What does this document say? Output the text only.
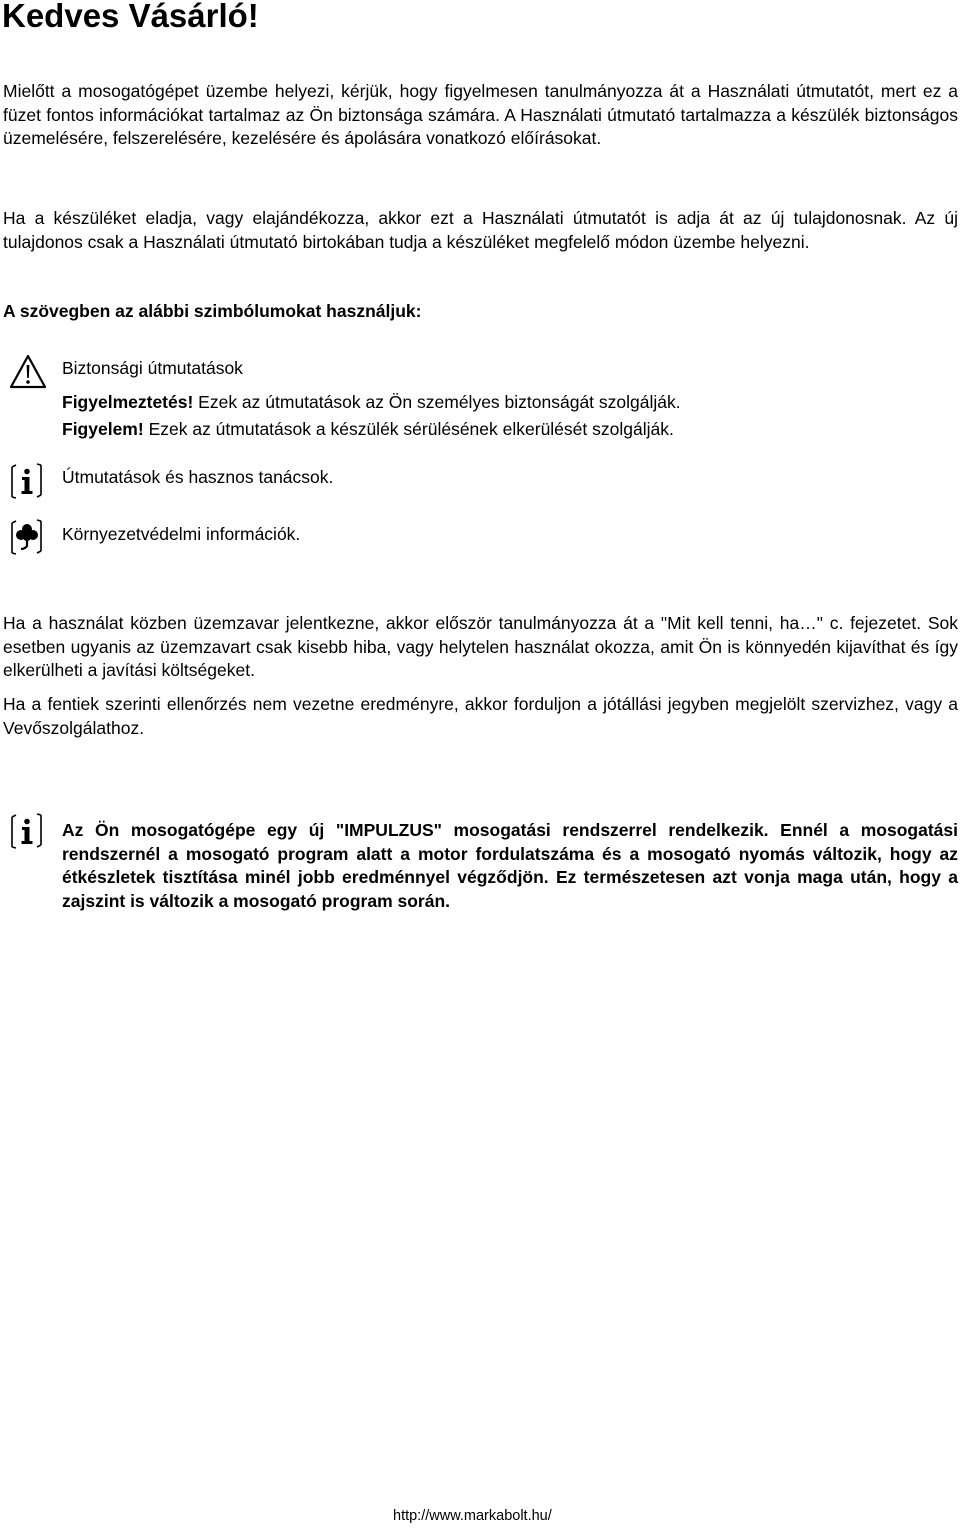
Kedves Vásárló!

Mielőtt a mosogatógépet üzembe helyezi, kérjük, hogy figyelmesen tanulmányozza át a Használati útmutatót, mert ez a füzet fontos információkat tartalmaz az Ön biztonsága számára. A Használati útmutató tartalmazza a készülék biztonságos üzemelésére, felszerelésére, kezelésére és ápolására vonatkozó előírásokat.

Ha a készüléket eladja, vagy elajándékozza, akkor ezt a Használati útmutatót is adja át az új tulajdonosnak. Az új tulajdonos csak a Használati útmutató birtokában tudja a készüléket megfelelő módon üzembe helyezni.

A szövegben az alábbi szimbólumokat használjuk:

Biztonsági útmutatások
Figyelmeztetés! Ezek az útmutatások az Ön személyes biztonságát szolgálják.
Figyelem! Ezek az útmutatások a készülék sérülésének elkerülését szolgálják.
Útmutatások és hasznos tanácsok.
Környezetvédelmi információk.

Ha a használat közben üzemzavar jelentkezne, akkor először tanulmányozza át a "Mit kell tenni, ha…" c. fejezetet. Sok esetben ugyanis az üzemzavart csak kisebb hiba, vagy helytelen használat okozza, amit Ön is könnyedén kijavíthat és így elkerülheti a javítási költségeket.

Ha a fentiek szerinti ellenőrzés nem vezetne eredményre, akkor forduljon a jótállási jegyben megjelölt szervizhez, vagy a Vevőszolgálathoz.

Az Ön mosogatógépe egy új "IMPULZUS" mosogatási rendszerrel rendelkezik. Ennél a mosogatási rendszernél a mosogató program alatt a motor fordulatszáma és a mosogató nyomás változik, hogy az étkészletek tisztítása minél jobb eredménnyel végződjön. Ez természetesen azt vonja maga után, hogy a zajszint is változik a mosogató program során.

http://www.markabolt.hu/
